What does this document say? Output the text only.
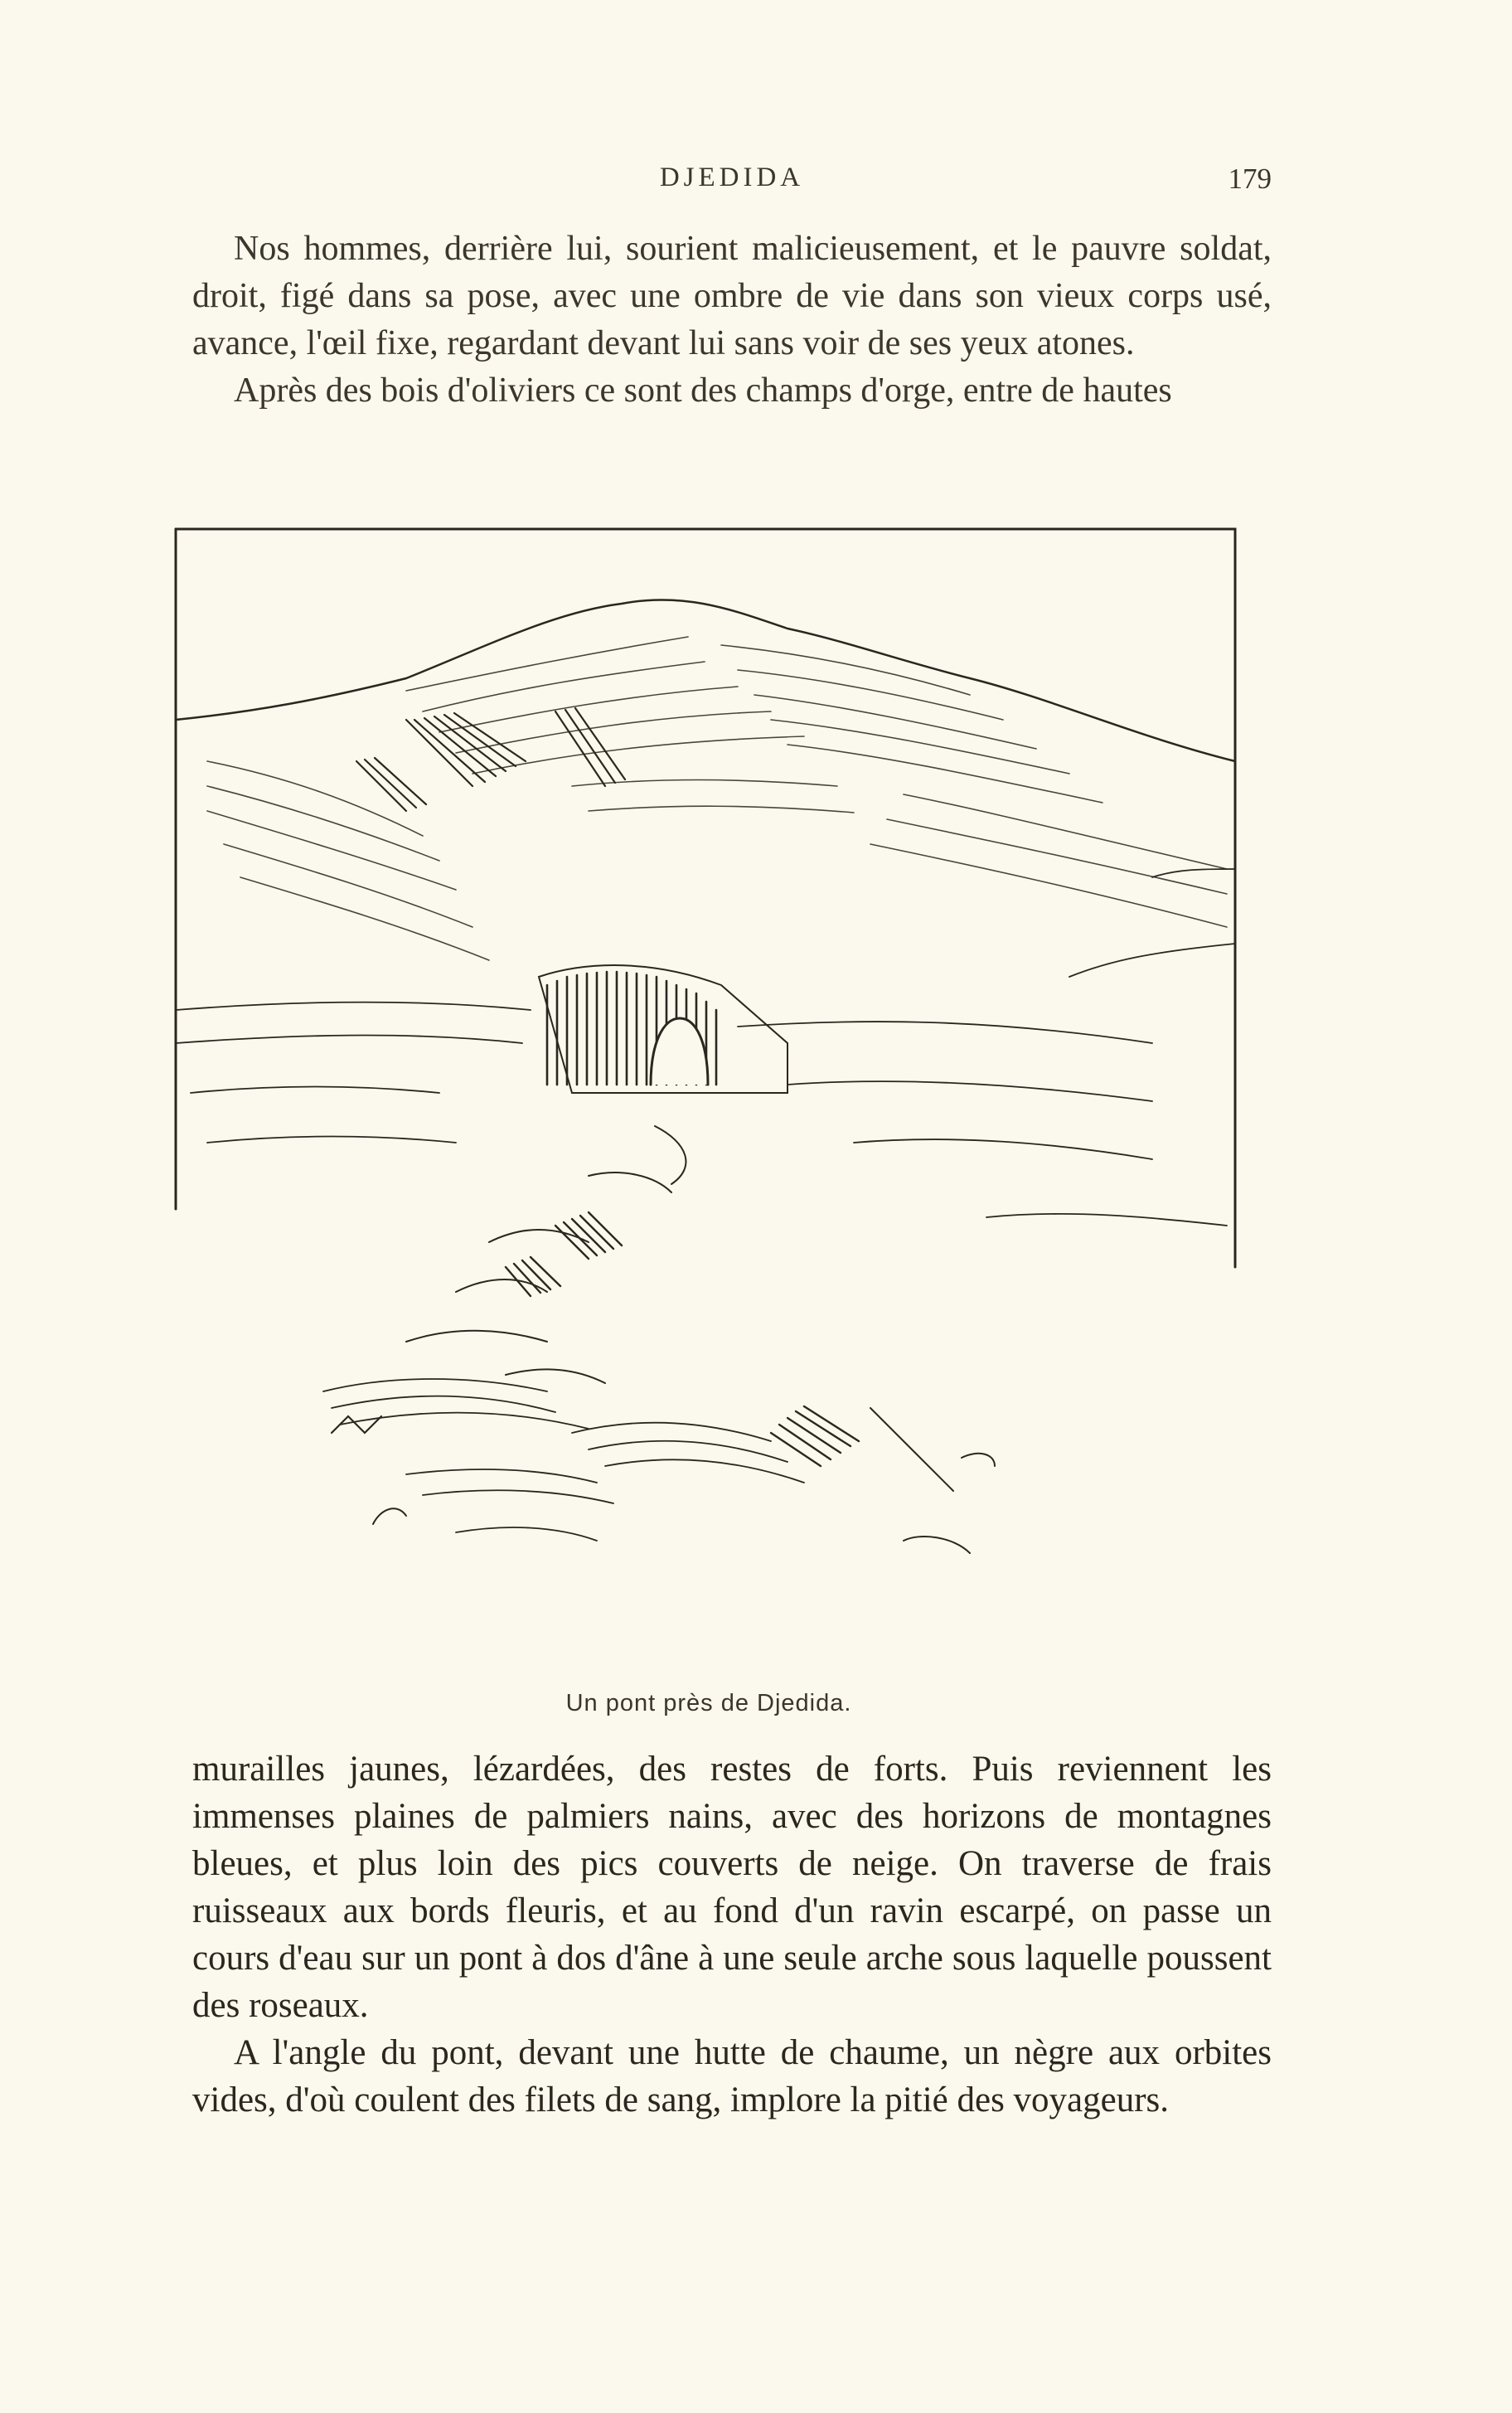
DJEDIDA	179

Nos hommes, derrière lui, sourient malicieusement, et le pauvre soldat, droit, figé dans sa pose, avec une ombre de vie dans son vieux corps usé, avance, l'œil fixe, regardant devant lui sans voir de ses yeux atones.

Après des bois d'oliviers ce sont des champs d'orge, entre de hautes

Un pont près de Djedida.

murailles jaunes, lézardées, des restes de forts. Puis reviennent les immenses plaines de palmiers nains, avec des horizons de montagnes bleues, et plus loin des pics couverts de neige. On traverse de frais ruisseaux aux bords fleuris, et au fond d'un ravin escarpé, on passe un cours d'eau sur un pont à dos d'âne à une seule arche sous laquelle poussent des roseaux.

A l'angle du pont, devant une hutte de chaume, un nègre aux orbites vides, d'où coulent des filets de sang, implore la pitié des voyageurs.
